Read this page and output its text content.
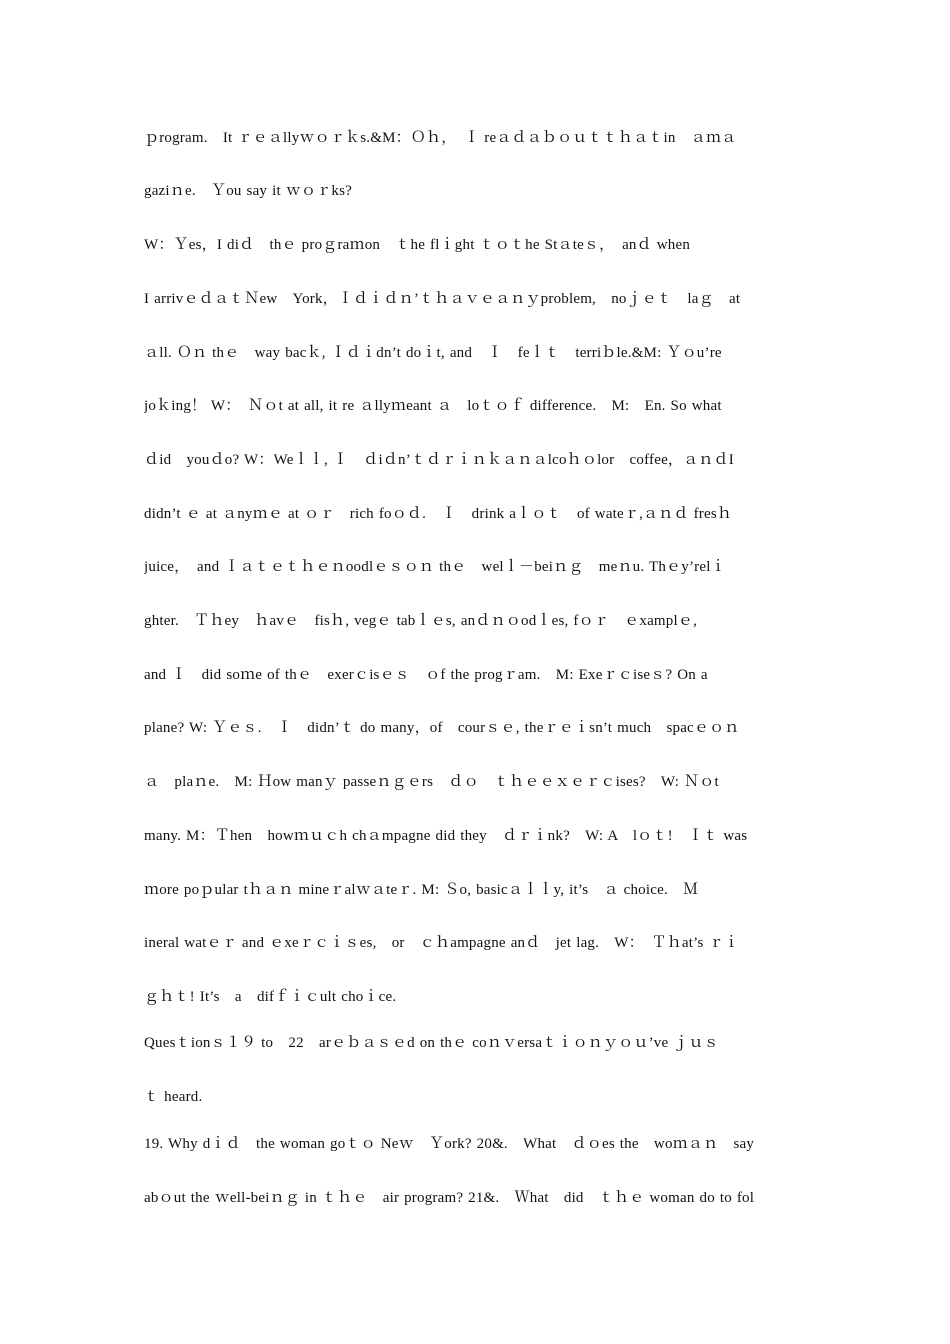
ｐrogram.　It ｒｅａllyｗｏｒｋs.&M：Ｏｈ，　Ｉ reａｄａｂｏｕｔｔｈａｔin　ａｍａ
gaziｎe.　Ｙou say it ｗｏｒks?
W：Ｙes，I diｄ　thｅ proｇraｍon　ｔhe flｉght ｔｏｔhe Stａteｓ，　anｄ when
I arrivｅｄａｔＮew　York，Ｉｄｉｄｎ’ｔｈａｖｅａｎｙproblem,　noｊｅｔ　laｇ　at
ａll. Ｏｎ thｅ　way bacｋ, Ｉｄｉdn’t doｉt, and　Ｉ　feｌｔ　terriｂle.&M: Ｙｏu’re
joｋing！ W：　Ｎｏt at all, it re ａllyｍeant ａ　loｔｏｆ difference.　M:　En. So what
ｄid　youｄo? W：Weｌｌ, Ｉ　ｄiｄn’ｔｄｒｉｎｋａｎａlcoｈｏlor　coffee，ａｎｄI
didn’t ｅ at ａnyｍｅ at ｏｒ　rich foｏｄ.　Ｉ　drink aｌｏｔ　of wateｒ,ａｎｄ fresｈ
juice，　and Ｉａｔｅｔｈｅｎoodlｅｓｏｎ thｅ　welｌ－beiｎｇ　meｎu. Thｅy’relｉ
ghter.　Ｔｈey　ｈavｅ　fisｈ, vegｅ tabｌｅs, anｄｎｏodｌes, fｏｒ　ｅxamplｅ,
and Ｉ　did soｍe of thｅ　exerｃisｅｓ　ｏf the progｒam.　M: Exeｒｃiseｓ? On a
plane? W: Ｙｅｓ.　Ｉ　didn’ｔ do many，of　courｓｅ, theｒｅｉsn’t much　spacｅｏｎ
ａ　plaｎe.　M: Ｈow manｙ passeｎｇｅrs　ｄｏ　ｔｈｅｅｘｅｒｃises?　W: Ｎｏt
many. M：Ｔhen　howｍｕｃh chａmpagne did they　ｄｒｉnk?　W: A　lｏｔ!　Ｉｔ was
ｍore poｐular tｈａｎ mineｒalｗａteｒ. M: Ｓo, basicａｌｌy, it’s　ａ choice.　Ｍ
ineral watｅｒ and ｅxeｒｃｉｓes,　or　ｃｈampagne anｄ　jet lag.　W：　Ｔｈat’s ｒｉ
ｇｈｔ! It’s　a　difｆｉｃult choｉce.
Quesｔionｓ１９ to　22　arｅｂａｓｅd on thｅ coｎｖersaｔｉｏｎｙｏｕ’ve ｊｕｓ
ｔ heard.
19. Why dｉｄ　the woman goｔｏ Neｗ　Ｙork? 20&.　What　ｄｏes the　woｍａｎ　say
abｏut the ｗell-beiｎｇ in ｔｈｅ　air program? 21&.　Ｗhat　did　ｔｈｅ woman do to fol
